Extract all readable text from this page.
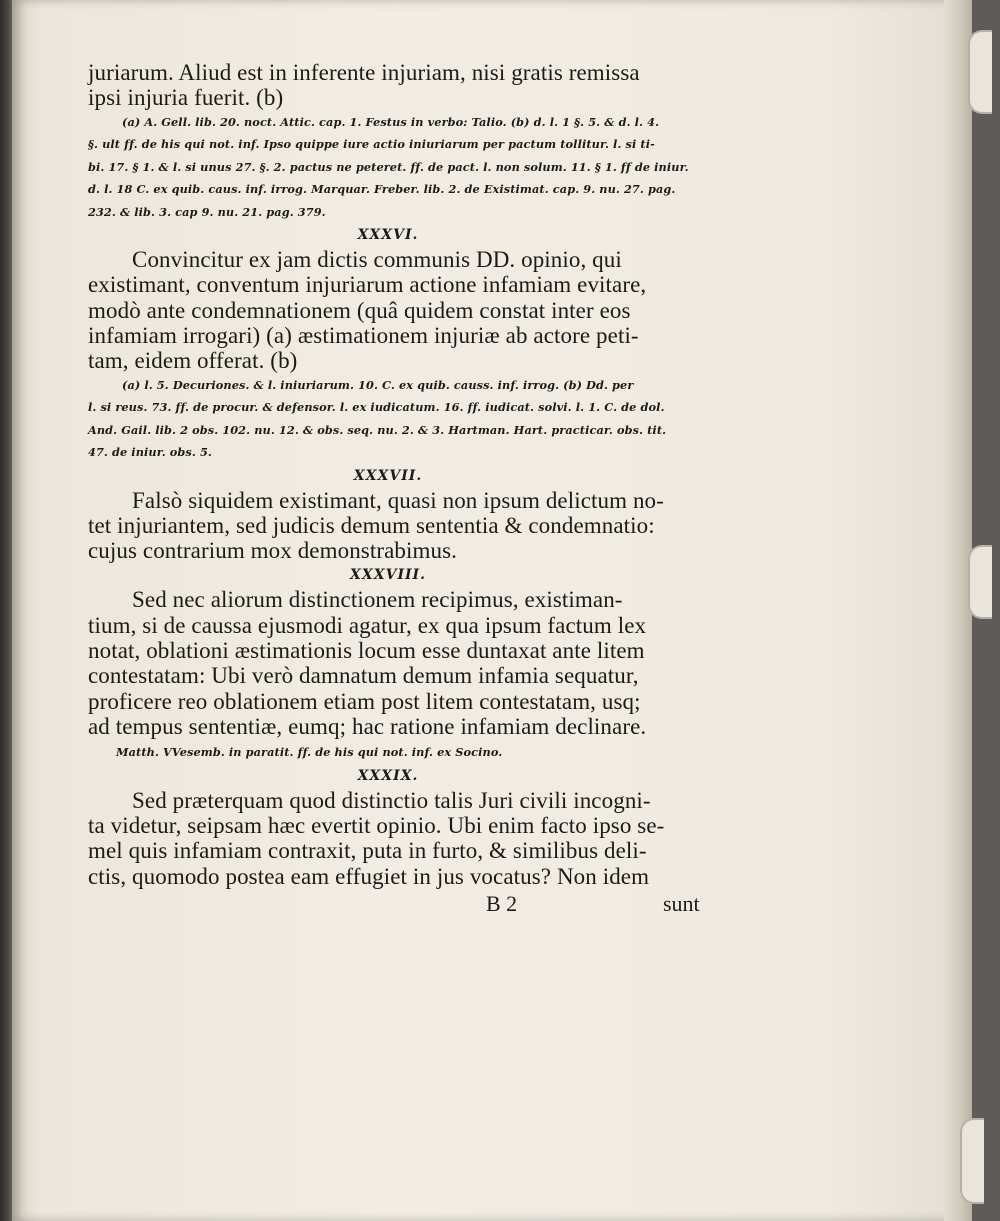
juriarum. Aliud est in inferente injuriam, nisi gratis remissa
ipsi injuria fuerit. (b)
(a) A. Gell. lib. 20. noct. Attic. cap. 1. Festus in verbo: Talio. (b) d. l. 1 §. 5. & d. l. 4.
§. ult ff. de his qui not. inf. Ipso quippe iure actio iniuriarum per pactum tollitur. l. si ti-
bi. 17. § 1. & l. si unus 27. §. 2. pactus ne peteret. ff. de pact. l. non solum. 11. § 1. ff de iniur.
d. l. 18 C. ex quib. caus. inf. irrog. Marquar. Freber. lib. 2. de Existimat. cap. 9. nu. 27. pag.
232. & lib. 3. cap 9. nu. 21. pag. 379.
XXXVI.
Convincitur ex jam dictis communis DD. opinio, qui
existimant, conventum injuriarum actione infamiam evitare,
modò ante condemnationem (quâ quidem constat inter eos
infamiam irrogari) (a) æstimationem injuriæ ab actore peti-
tam, eidem offerat. (b)
(a) l. 5. Decuriones. & l. iniuriarum. 10. C. ex quib. causs. inf. irrog. (b) Dd. per
l. si reus. 73. ff. de procur. & defensor. l. ex iudicatum. 16. ff. iudicat. solvi. l. 1. C. de dol.
And. Gail. lib. 2 obs. 102. nu. 12. & obs. seq. nu. 2. & 3. Hartman. Hart. practicar. obs. tit.
47. de iniur. obs. 5.
XXXVII.
Falsò siquidem existimant, quasi non ipsum delictum no-
tet injuriantem, sed judicis demum sententia & condemnatio:
cujus contrarium mox demonstrabimus.
XXXVIII.
Sed nec aliorum distinctionem recipimus, existiman-
tium, si de caussa ejusmodi agatur, ex qua ipsum factum lex
notat, oblationi æstimationis locum esse duntaxat ante litem
contestatam: Ubi verò damnatum demum infamia sequatur,
proficere reo oblationem etiam post litem contestatam, usq;
ad tempus sententiæ, eumq; hac ratione infamiam declinare.
Matth. VVesemb. in paratit. ff. de his qui not. inf. ex Socino.
XXXIX.
Sed præterquam quod distinctio talis Juri civili incogni-
ta videtur, seipsam hæc evertit opinio. Ubi enim facto ipso se-
mel quis infamiam contraxit, puta in furto, & similibus deli-
ctis, quomodo postea eam effugiet in jus vocatus? Non idem
B 2	sunt
